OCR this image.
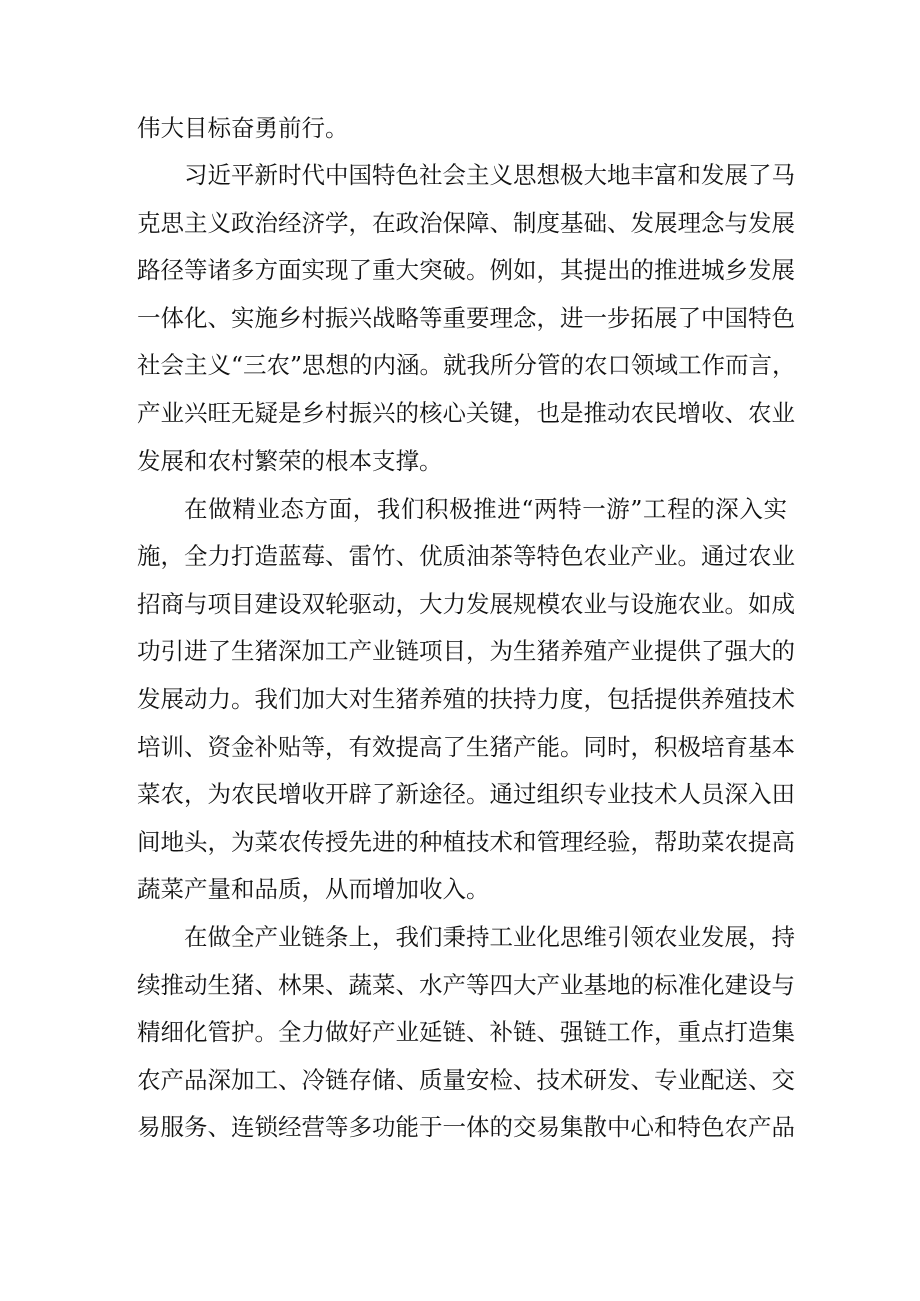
伟大目标奋勇前行。
习近平新时代中国特色社会主义思想极大地丰富和发展了马
克思主义政治经济学，在政治保障、制度基础、发展理念与发展
路径等诸多方面实现了重大突破。例如，其提出的推进城乡发展
一体化、实施乡村振兴战略等重要理念，进一步拓展了中国特色
社会主义“三农”思想的内涵。就我所分管的农口领域工作而言，
产业兴旺无疑是乡村振兴的核心关键，也是推动农民增收、农业
发展和农村繁荣的根本支撑。
在做精业态方面，我们积极推进“两特一游”工程的深入实
施，全力打造蓝莓、雷竹、优质油茶等特色农业产业。通过农业
招商与项目建设双轮驱动，大力发展规模农业与设施农业。如成
功引进了生猪深加工产业链项目，为生猪养殖产业提供了强大的
发展动力。我们加大对生猪养殖的扶持力度，包括提供养殖技术
培训、资金补贴等，有效提高了生猪产能。同时，积极培育基本
菜农，为农民增收开辟了新途径。通过组织专业技术人员深入田
间地头，为菜农传授先进的种植技术和管理经验，帮助菜农提高
蔬菜产量和品质，从而增加收入。
在做全产业链条上，我们秉持工业化思维引领农业发展，持
续推动生猪、林果、蔬菜、水产等四大产业基地的标准化建设与
精细化管护。全力做好产业延链、补链、强链工作，重点打造集
农产品深加工、冷链存储、质量安检、技术研发、专业配送、交
易服务、连锁经营等多功能于一体的交易集散中心和特色农产品
